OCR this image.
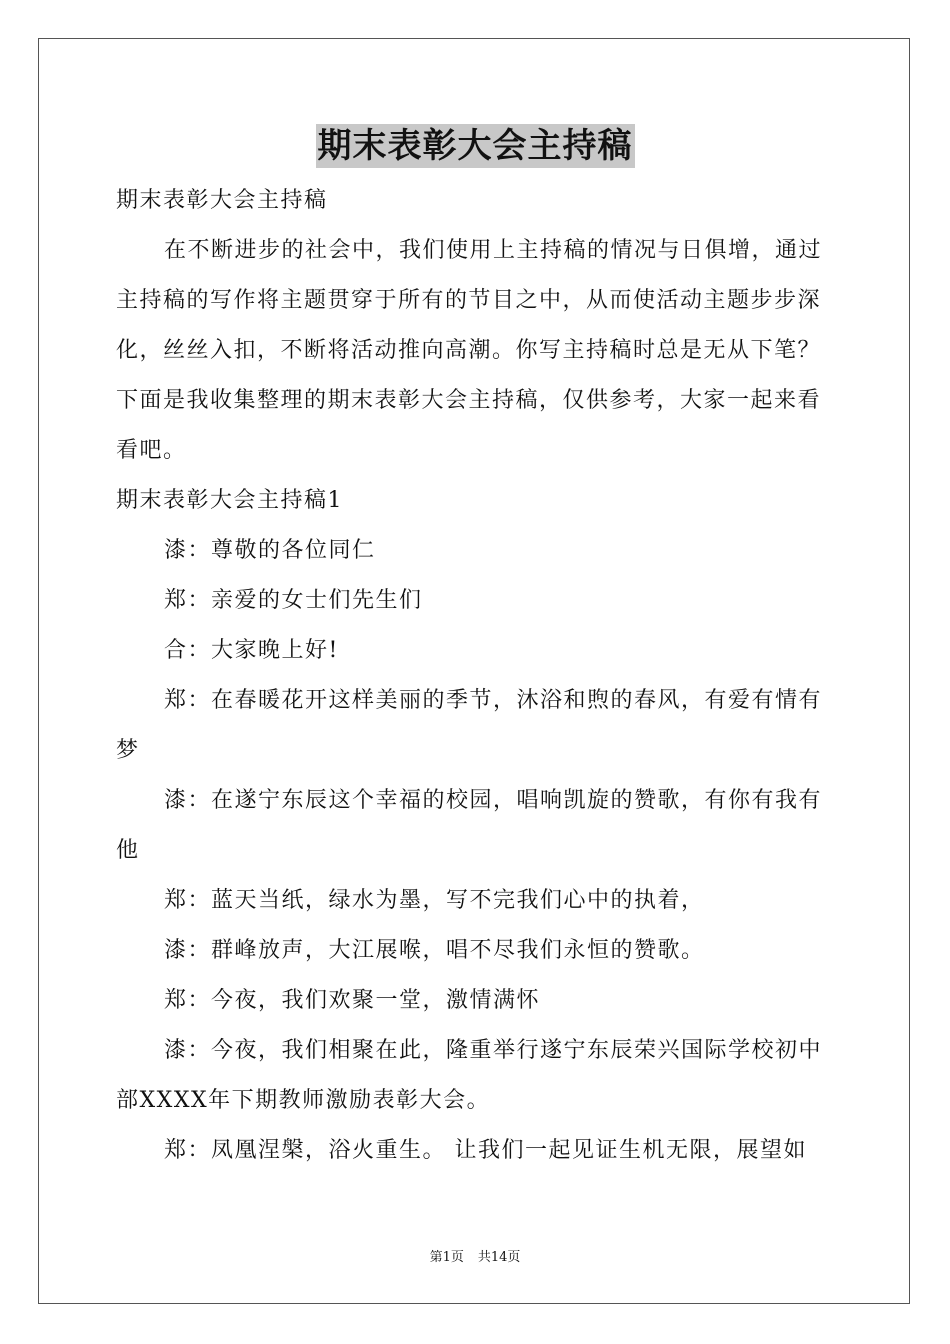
期末表彰大会主持稿
期末表彰大会主持稿
在不断进步的社会中，我们使用上主持稿的情况与日俱增，通过
主持稿的写作将主题贯穿于所有的节目之中，从而使活动主题步步深
化，丝丝入扣，不断将活动推向高潮。你写主持稿时总是无从下笔？
下面是我收集整理的期末表彰大会主持稿，仅供参考，大家一起来看
看吧。
期末表彰大会主持稿1
漆：尊敬的各位同仁
郑：亲爱的女士们先生们
合：大家晚上好!
郑：在春暖花开这样美丽的季节，沐浴和煦的春风，有爱有情有
梦
漆：在遂宁东辰这个幸福的校园，唱响凯旋的赞歌，有你有我有
他
郑：蓝天当纸，绿水为墨，写不完我们心中的执着，
漆：群峰放声，大江展喉，唱不尽我们永恒的赞歌。
郑：今夜，我们欢聚一堂，激情满怀
漆：今夜，我们相聚在此，隆重举行遂宁东辰荣兴国际学校初中
部XXXX年下期教师激励表彰大会。
郑：凤凰涅槃，浴火重生。 让我们一起见证生机无限，展望如
第1页 共14页
